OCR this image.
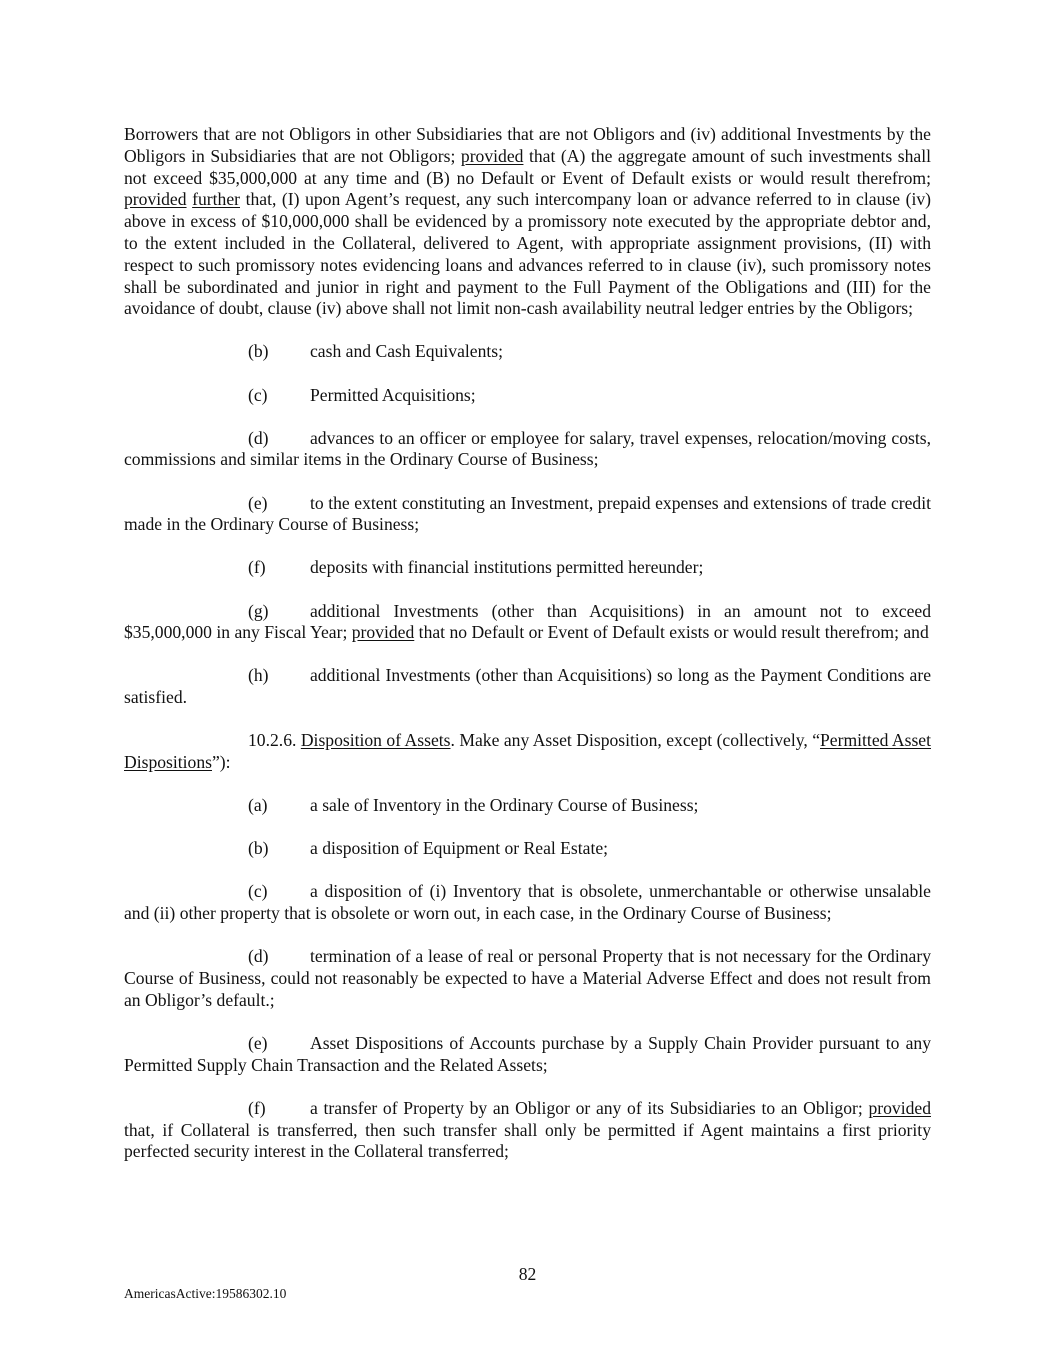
Borrowers that are not Obligors in other Subsidiaries that are not Obligors and (iv) additional Investments by the Obligors in Subsidiaries that are not Obligors; provided that (A) the aggregate amount of such investments shall not exceed $35,000,000 at any time and (B) no Default or Event of Default exists or would result therefrom; provided further that, (I) upon Agent’s request, any such intercompany loan or advance referred to in clause (iv) above in excess of $10,000,000 shall be evidenced by a promissory note executed by the appropriate debtor and, to the extent included in the Collateral, delivered to Agent, with appropriate assignment provisions, (II) with respect to such promissory notes evidencing loans and advances referred to in clause (iv), such promissory notes shall be subordinated and junior in right and payment to the Full Payment of the Obligations and (III) for the avoidance of doubt, clause (iv) above shall not limit non-cash availability neutral ledger entries by the Obligors;

(b) cash and Cash Equivalents;

(c) Permitted Acquisitions;

(d) advances to an officer or employee for salary, travel expenses, relocation/moving costs, commissions and similar items in the Ordinary Course of Business;

(e) to the extent constituting an Investment, prepaid expenses and extensions of trade credit made in the Ordinary Course of Business;

(f)	deposits with financial institutions permitted hereunder;

(g) additional Investments (other than Acquisitions) in an amount not to exceed $35,000,000 in any Fiscal Year; provided that no Default or Event of Default exists or would result therefrom; and

(h) additional Investments (other than Acquisitions) so long as the Payment Conditions are satisfied.

10.2.6. Disposition of Assets. Make any Asset Disposition, except (collectively, “Permitted Asset Dispositions”):

(a) a sale of Inventory in the Ordinary Course of Business;

(b) a disposition of Equipment or Real Estate;

(c) a disposition of (i) Inventory that is obsolete, unmerchantable or otherwise unsalable and (ii) other property that is obsolete or worn out, in each case, in the Ordinary Course of Business;

(d) termination of a lease of real or personal Property that is not necessary for the Ordinary Course of Business, could not reasonably be expected to have a Material Adverse Effect and does not result from an Obligor’s default.;

(e) Asset Dispositions of Accounts purchase by a Supply Chain Provider pursuant to any Permitted Supply Chain Transaction and the Related Assets;

(f)	a transfer of Property by an Obligor or any of its Subsidiaries to an Obligor; provided that, if Collateral is transferred, then such transfer shall only be permitted if Agent maintains a first priority perfected security interest in the Collateral transferred;

82
AmericasActive:19586302.10
